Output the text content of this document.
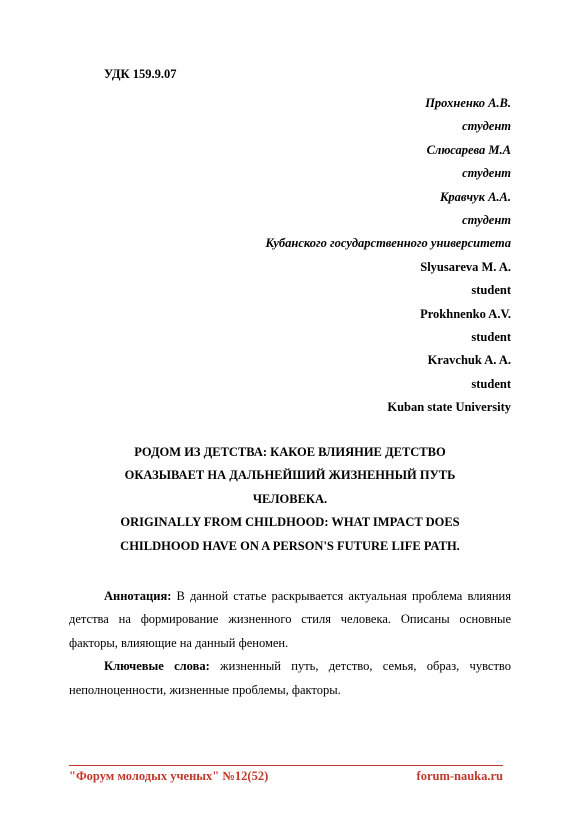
УДК 159.9.07
Прохненко А.В.
студент
Слюсарева М.А
студент
Кравчук А.А.
студент
Кубанского государственного университета
Slyusareva M. A.
student
Prokhnenko A.V.
student
Kravchuk A. A.
student
Kuban state University
РОДОМ ИЗ ДЕТСТВА: КАКОЕ ВЛИЯНИЕ ДЕТСТВО
ОКАЗЫВАЕТ НА ДАЛЬНЕЙШИЙ ЖИЗНЕННЫЙ ПУТЬ
ЧЕЛОВЕКА.
ORIGINALLY FROM CHILDHOOD: WHAT IMPACT DOES
CHILDHOOD HAVE ON A PERSON'S FUTURE LIFE PATH.

Аннотация: В данной статье раскрывается актуальная проблема влияния детства на формирование жизненного стиля человека. Описаны основные факторы, влияющие на данный феномен.

Ключевые слова: жизненный путь, детство, семья, образ, чувство неполноценности, жизненные проблемы, факторы.

"Форум молодых ученых" №12(52)	forum-nauka.ru
